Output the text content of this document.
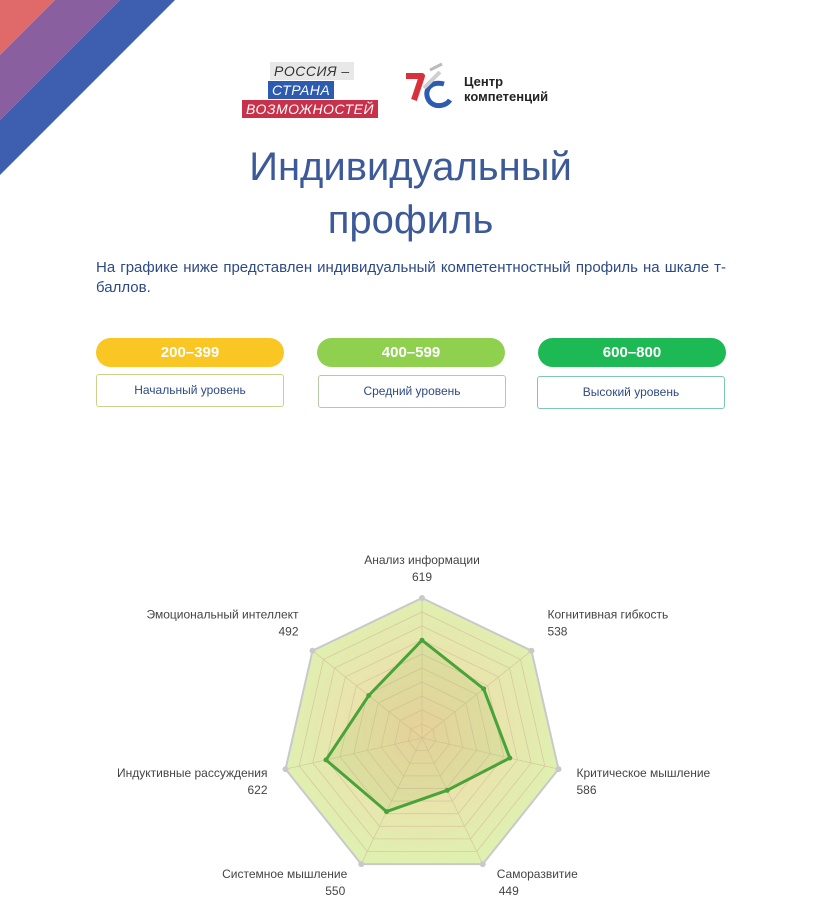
РОССИЯ –
СТРАНА
ВОЗМОЖНОСТЕЙ
Центр
компетенций
Индивидуальный
профиль
На графике ниже представлен индивидуальный компетентностный профиль на шкале т-баллов.
200–399	400–599	600–800
Начальный уровень	Средний уровень	Высокий уровень
Анализ информации
619
Когнитивная гибкость
538
Критическое мышление
586
Саморазвитие
449
Системное мышление
550
Индуктивные рассуждения
622
Эмоциональный интеллект
492
